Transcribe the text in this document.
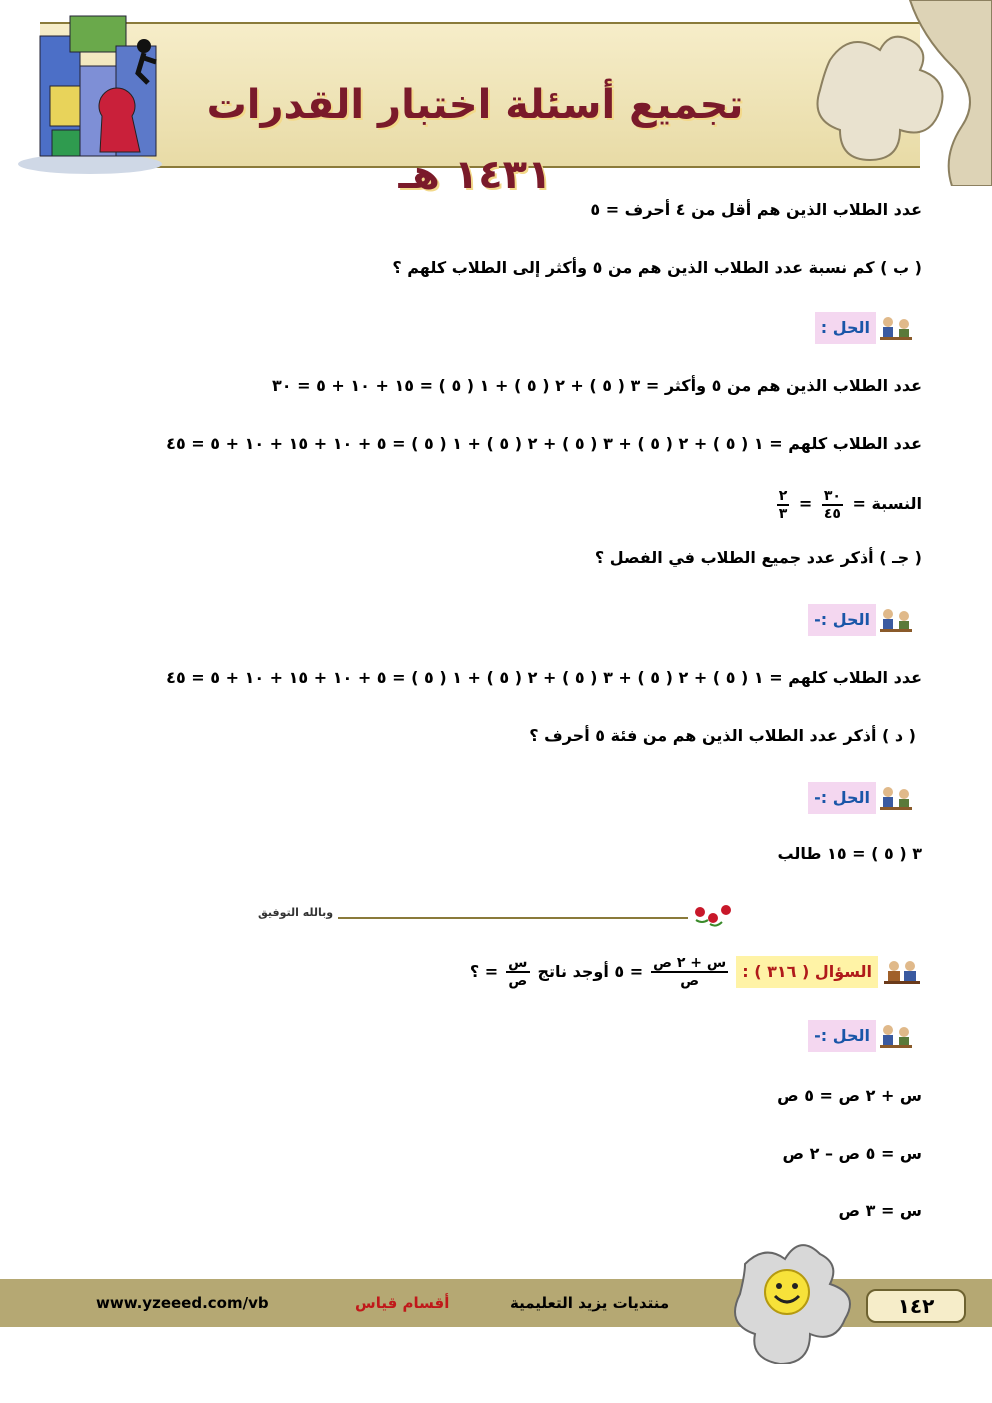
تجميع أسئلة اختبار القدرات ١٤٣١ هـ
عدد الطلاب الذين هم أقل من ٤ أحرف = ٥
( ب ) كم نسبة عدد الطلاب الذين هم من ٥ وأكثر إلى الطلاب كلهم ؟
الحل :
عدد الطلاب الذين هم من ٥ وأكثر = ٣ ( ٥ ) + ٢ ( ٥ ) + ١ ( ٥ ) = ١٥ + ١٠ + ٥ = ٣٠
عدد الطلاب كلهم = ١ ( ٥ ) + ٢ ( ٥ ) + ٣ ( ٥ ) + ٢ ( ٥ ) + ١ ( ٥ ) = ٥ + ١٠ + ١٥ + ١٠ + ٥ = ٤٥
النسبة =
$\frac{٣٠}{٤٥}$
=
$\frac{٢}{٣}$
( جـ ) أذكر عدد جميع الطلاب في الفصل ؟
الحل :-
عدد الطلاب كلهم = ١ ( ٥ ) + ٢ ( ٥ ) + ٣ ( ٥ ) + ٢ ( ٥ ) + ١ ( ٥ ) = ٥ + ١٠ + ١٥ + ١٠ + ٥ = ٤٥
( د ) أذكر عدد الطلاب الذين هم من فئة ٥ أحرف ؟
الحل :-
٣ ( ٥ ) = ١٥ طالب
وبالله التوفيق
السؤال ( ٣١٦ ) :
$\frac{\text{س + ٢ ص}}{\text{ص}}$
= ٥ أوجد ناتج
$\frac{\text{س}}{\text{ص}}$
= ؟
الحل :-
س + ٢ ص = ٥ ص
س = ٥ ص – ٢ ص
س = ٣ ص
www.yzeeed.com/vb	أقسام قياس	منتديات يزيد التعليمية	١٤٢
